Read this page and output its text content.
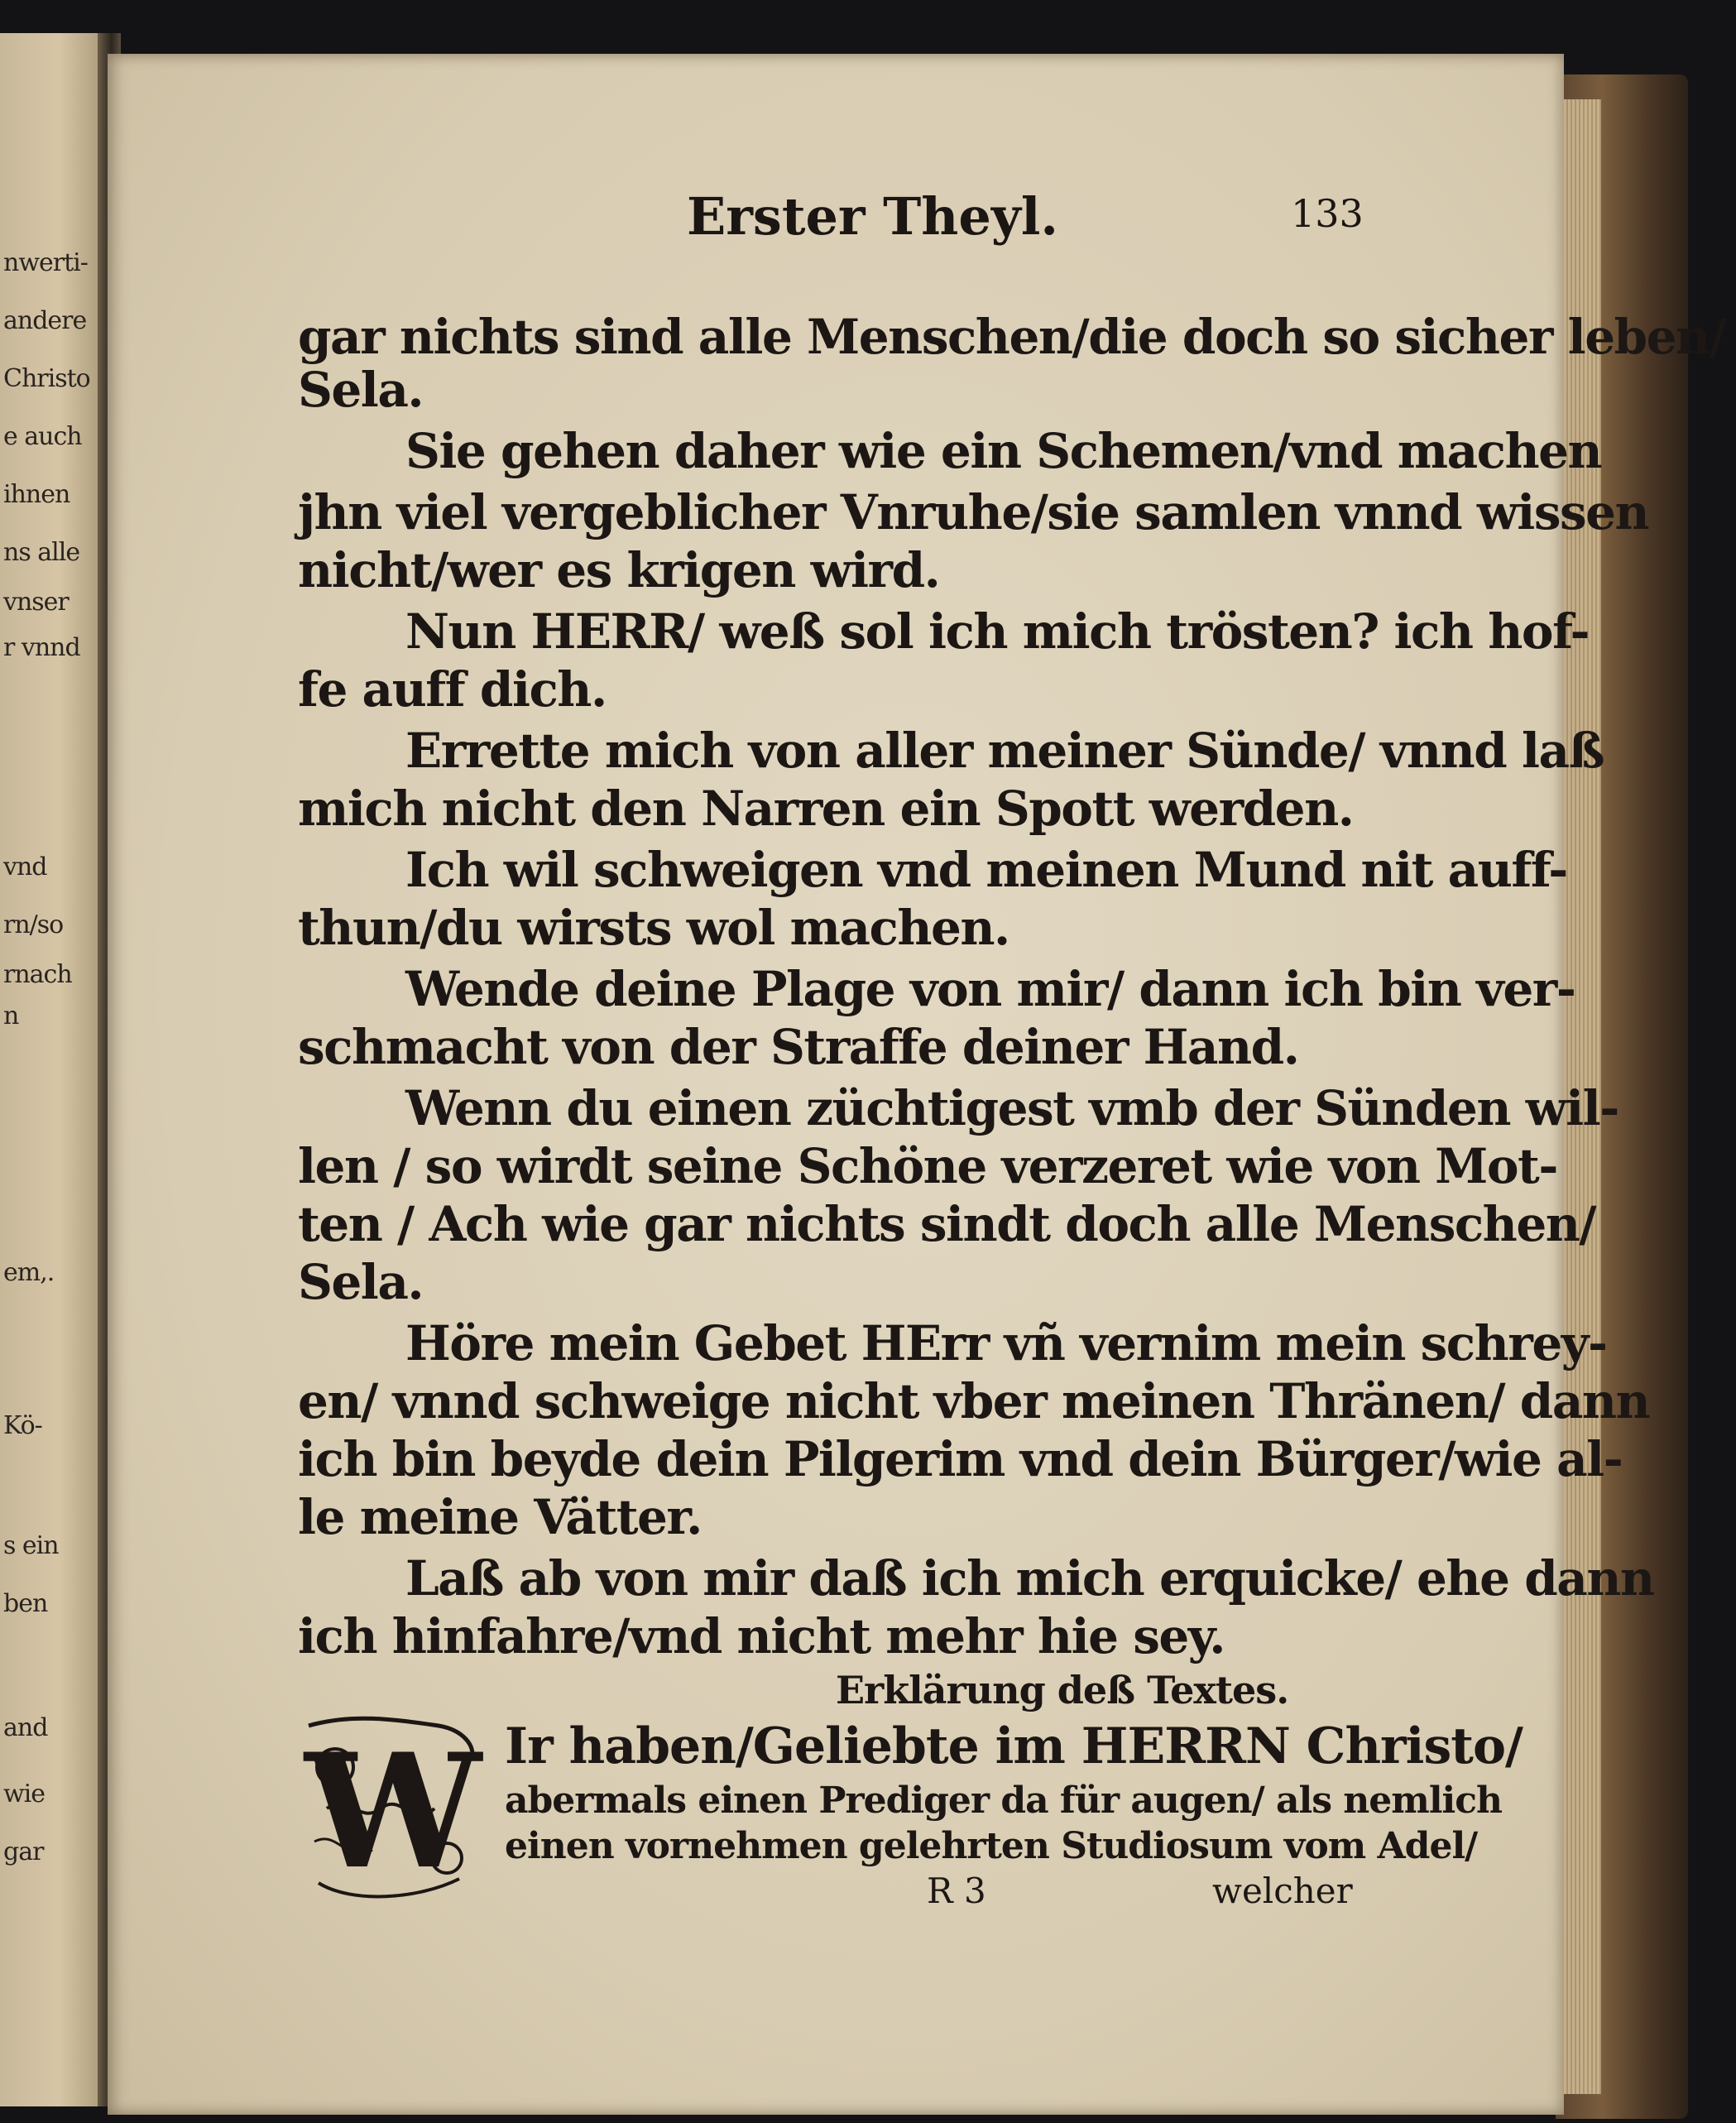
nwerti-
andere
Christo
e auch
ihnen
ns alle
vnser
r vnnd
vnd
rn/so
rnach
n
em,.
Kö-
s ein
ben
and
wie
gar
Erster Theyl.	133
gar nichts sind alle Menschen/die doch so sicher leben/
Sela.
Sie gehen daher wie ein Schemen/vnd machen
jhn viel vergeblicher Vnruhe/sie samlen vnnd wissen
nicht/wer es krigen wird.
Nun HERR/ weß sol ich mich trösten? ich hof-
fe auff dich.
Errette mich von aller meiner Sünde/ vnnd laß
mich nicht den Narren ein Spott werden.
Ich wil schweigen vnd meinen Mund nit auff-
thun/du wirsts wol machen.
Wende deine Plage von mir/ dann ich bin ver-
schmacht von der Straffe deiner Hand.
Wenn du einen züchtigest vmb der Sünden wil-
len / so wirdt seine Schöne verzeret wie von Mot-
ten / Ach wie gar nichts sindt doch alle Menschen/
Sela.
Höre mein Gebet HErr vñ vernim mein schrey-
en/ vnnd schweige nicht vber meinen Thränen/ dann
ich bin beyde dein Pilgerim vnd dein Bürger/wie al-
le meine Vätter.
Laß ab von mir daß ich mich erquicke/ ehe dann
ich hinfahre/vnd nicht mehr hie sey.
Erklärung deß Textes.
W Ir haben/Geliebte im HERRN Christo/
abermals einen Prediger da für augen/ als nemlich
einen vornehmen gelehrten Studiosum vom Adel/
R 3	welcher
